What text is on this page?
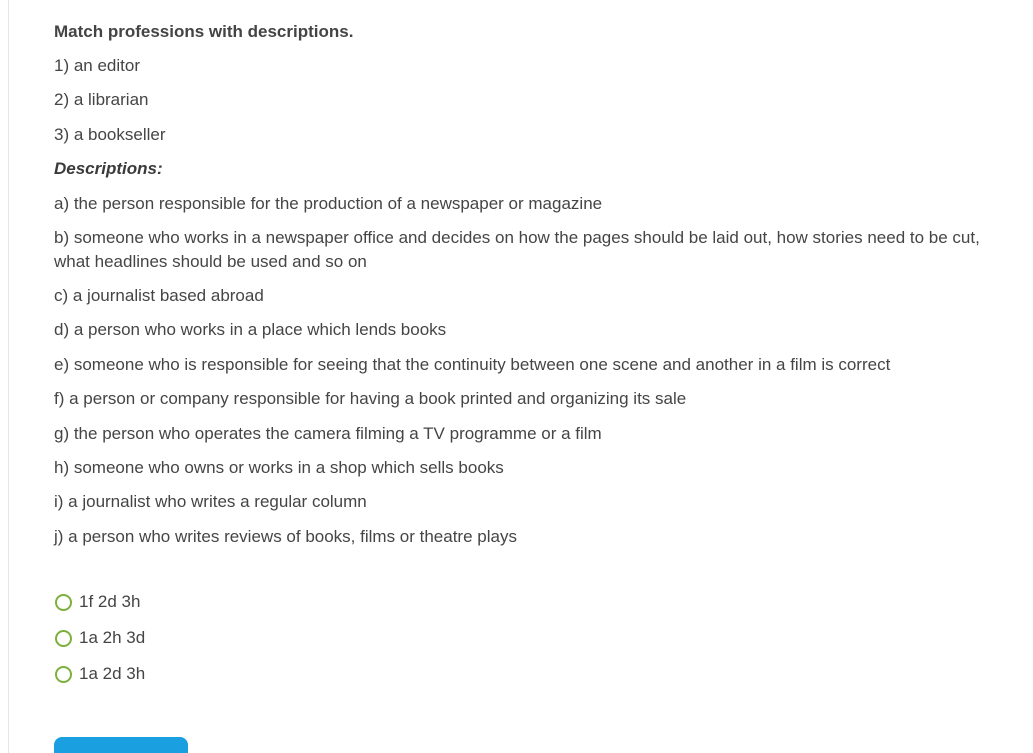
Match professions with descriptions.
1) an editor
2) a librarian
3) a bookseller
Descriptions:
a) the person responsible for the production of a newspaper or magazine
b) someone who works in a newspaper office and decides on how the pages should be laid out, how stories need to be cut, what headlines should be used and so on
c) a journalist based abroad
d) a person who works in a place which lends books
e) someone who is responsible for seeing that the continuity between one scene and another in a film is correct
f) a person or company responsible for having a book printed and organizing its sale
g) the person who operates the camera filming a TV programme or a film
h) someone who owns or works in a shop which sells books
i) a journalist who writes a regular column
j) a person who writes reviews of books, films or theatre plays
1f 2d 3h
1a 2h 3d
1a 2d 3h
